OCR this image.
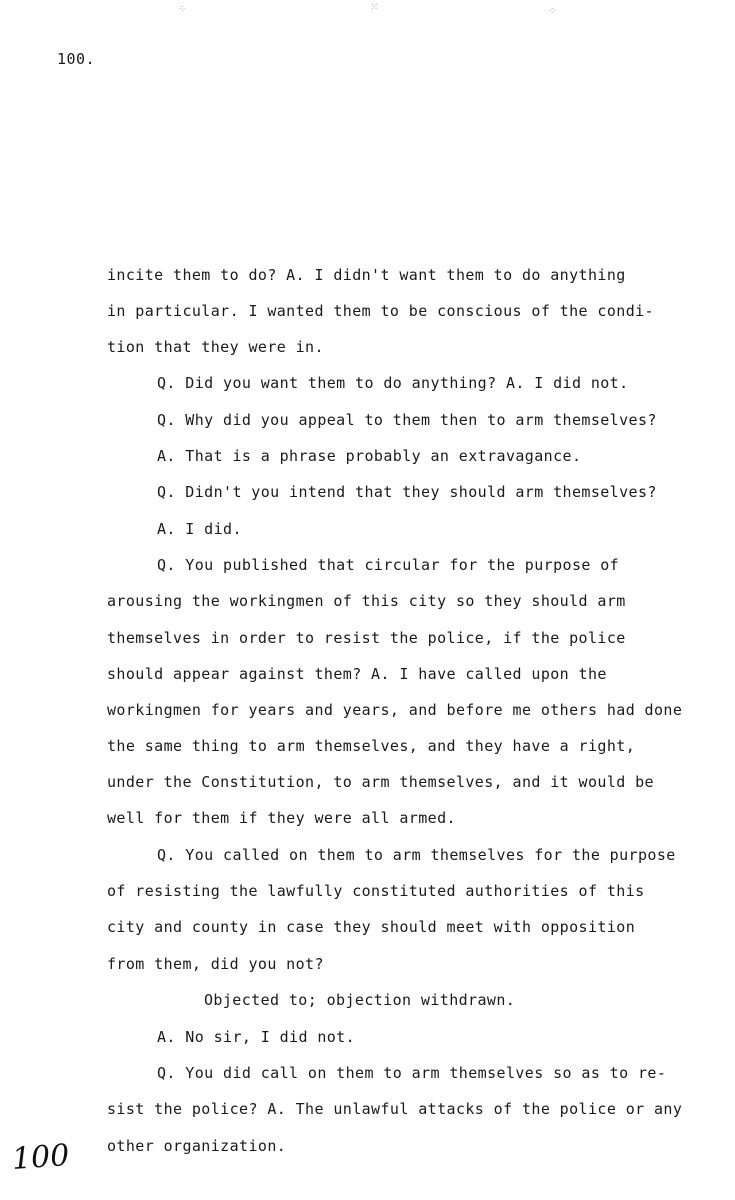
⁘	⁙	⁘
100.
incite them to do? A. I didn't want them to do anything
in particular. I wanted them to be conscious of the condi-
tion that they were in.
Q. Did you want them to do anything? A. I did not.
Q. Why did you appeal to them then to arm themselves?
A. That is a phrase probably an extravagance.
Q. Didn't you intend that they should arm themselves?
A. I did.
Q. You published that circular for the purpose of
arousing the workingmen of this city so they should arm
themselves in order to resist the police, if the police
should appear against them? A. I have called upon the
workingmen for years and years, and before me others had done
the same thing to arm themselves, and they have a right,
under the Constitution, to arm themselves, and it would be
well for them if they were all armed.
Q. You called on them to arm themselves for the purpose
of resisting the lawfully constituted authorities of this
city and county in case they should meet with opposition
from them, did you not?
Objected to; objection withdrawn.
A. No sir, I did not.
Q. You did call on them to arm themselves so as to re-
sist the police? A. The unlawful attacks of the police or any
other organization.
100
